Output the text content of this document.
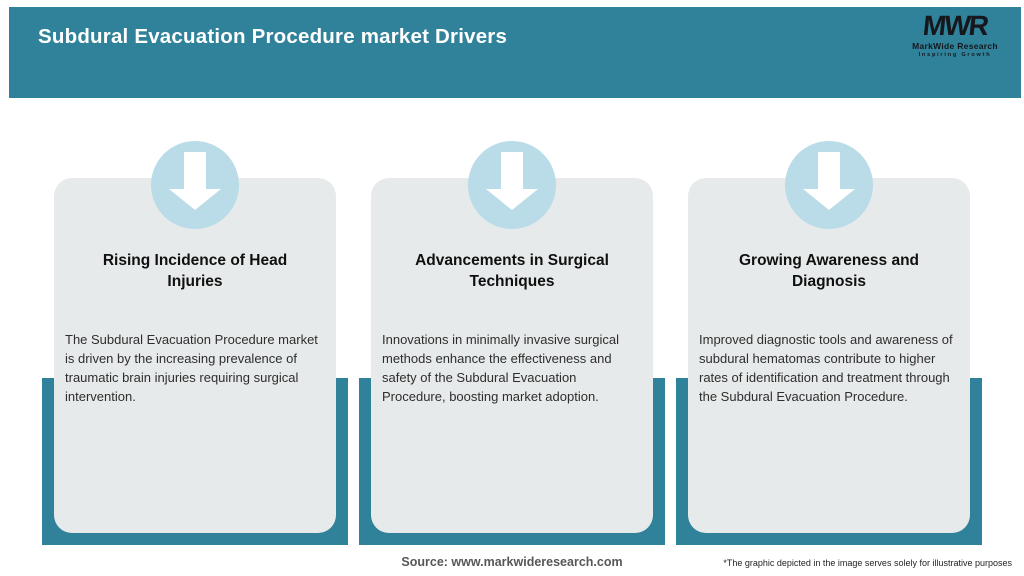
Subdural Evacuation Procedure market Drivers	MWR
MarkWide Research
Inspiring Growth
Rising Incidence of Head Injuries
The Subdural Evacuation Procedure market is driven by the increasing prevalence of traumatic brain injuries requiring surgical intervention.
Advancements in Surgical Techniques
Innovations in minimally invasive surgical methods enhance the effectiveness and safety of the Subdural Evacuation Procedure, boosting market adoption.
Growing Awareness and Diagnosis
Improved diagnostic tools and awareness of subdural hematomas contribute to higher rates of identification and treatment through the Subdural Evacuation Procedure.
Source: www.markwideresearch.com	*The graphic depicted in the image serves solely for illustrative purposes
